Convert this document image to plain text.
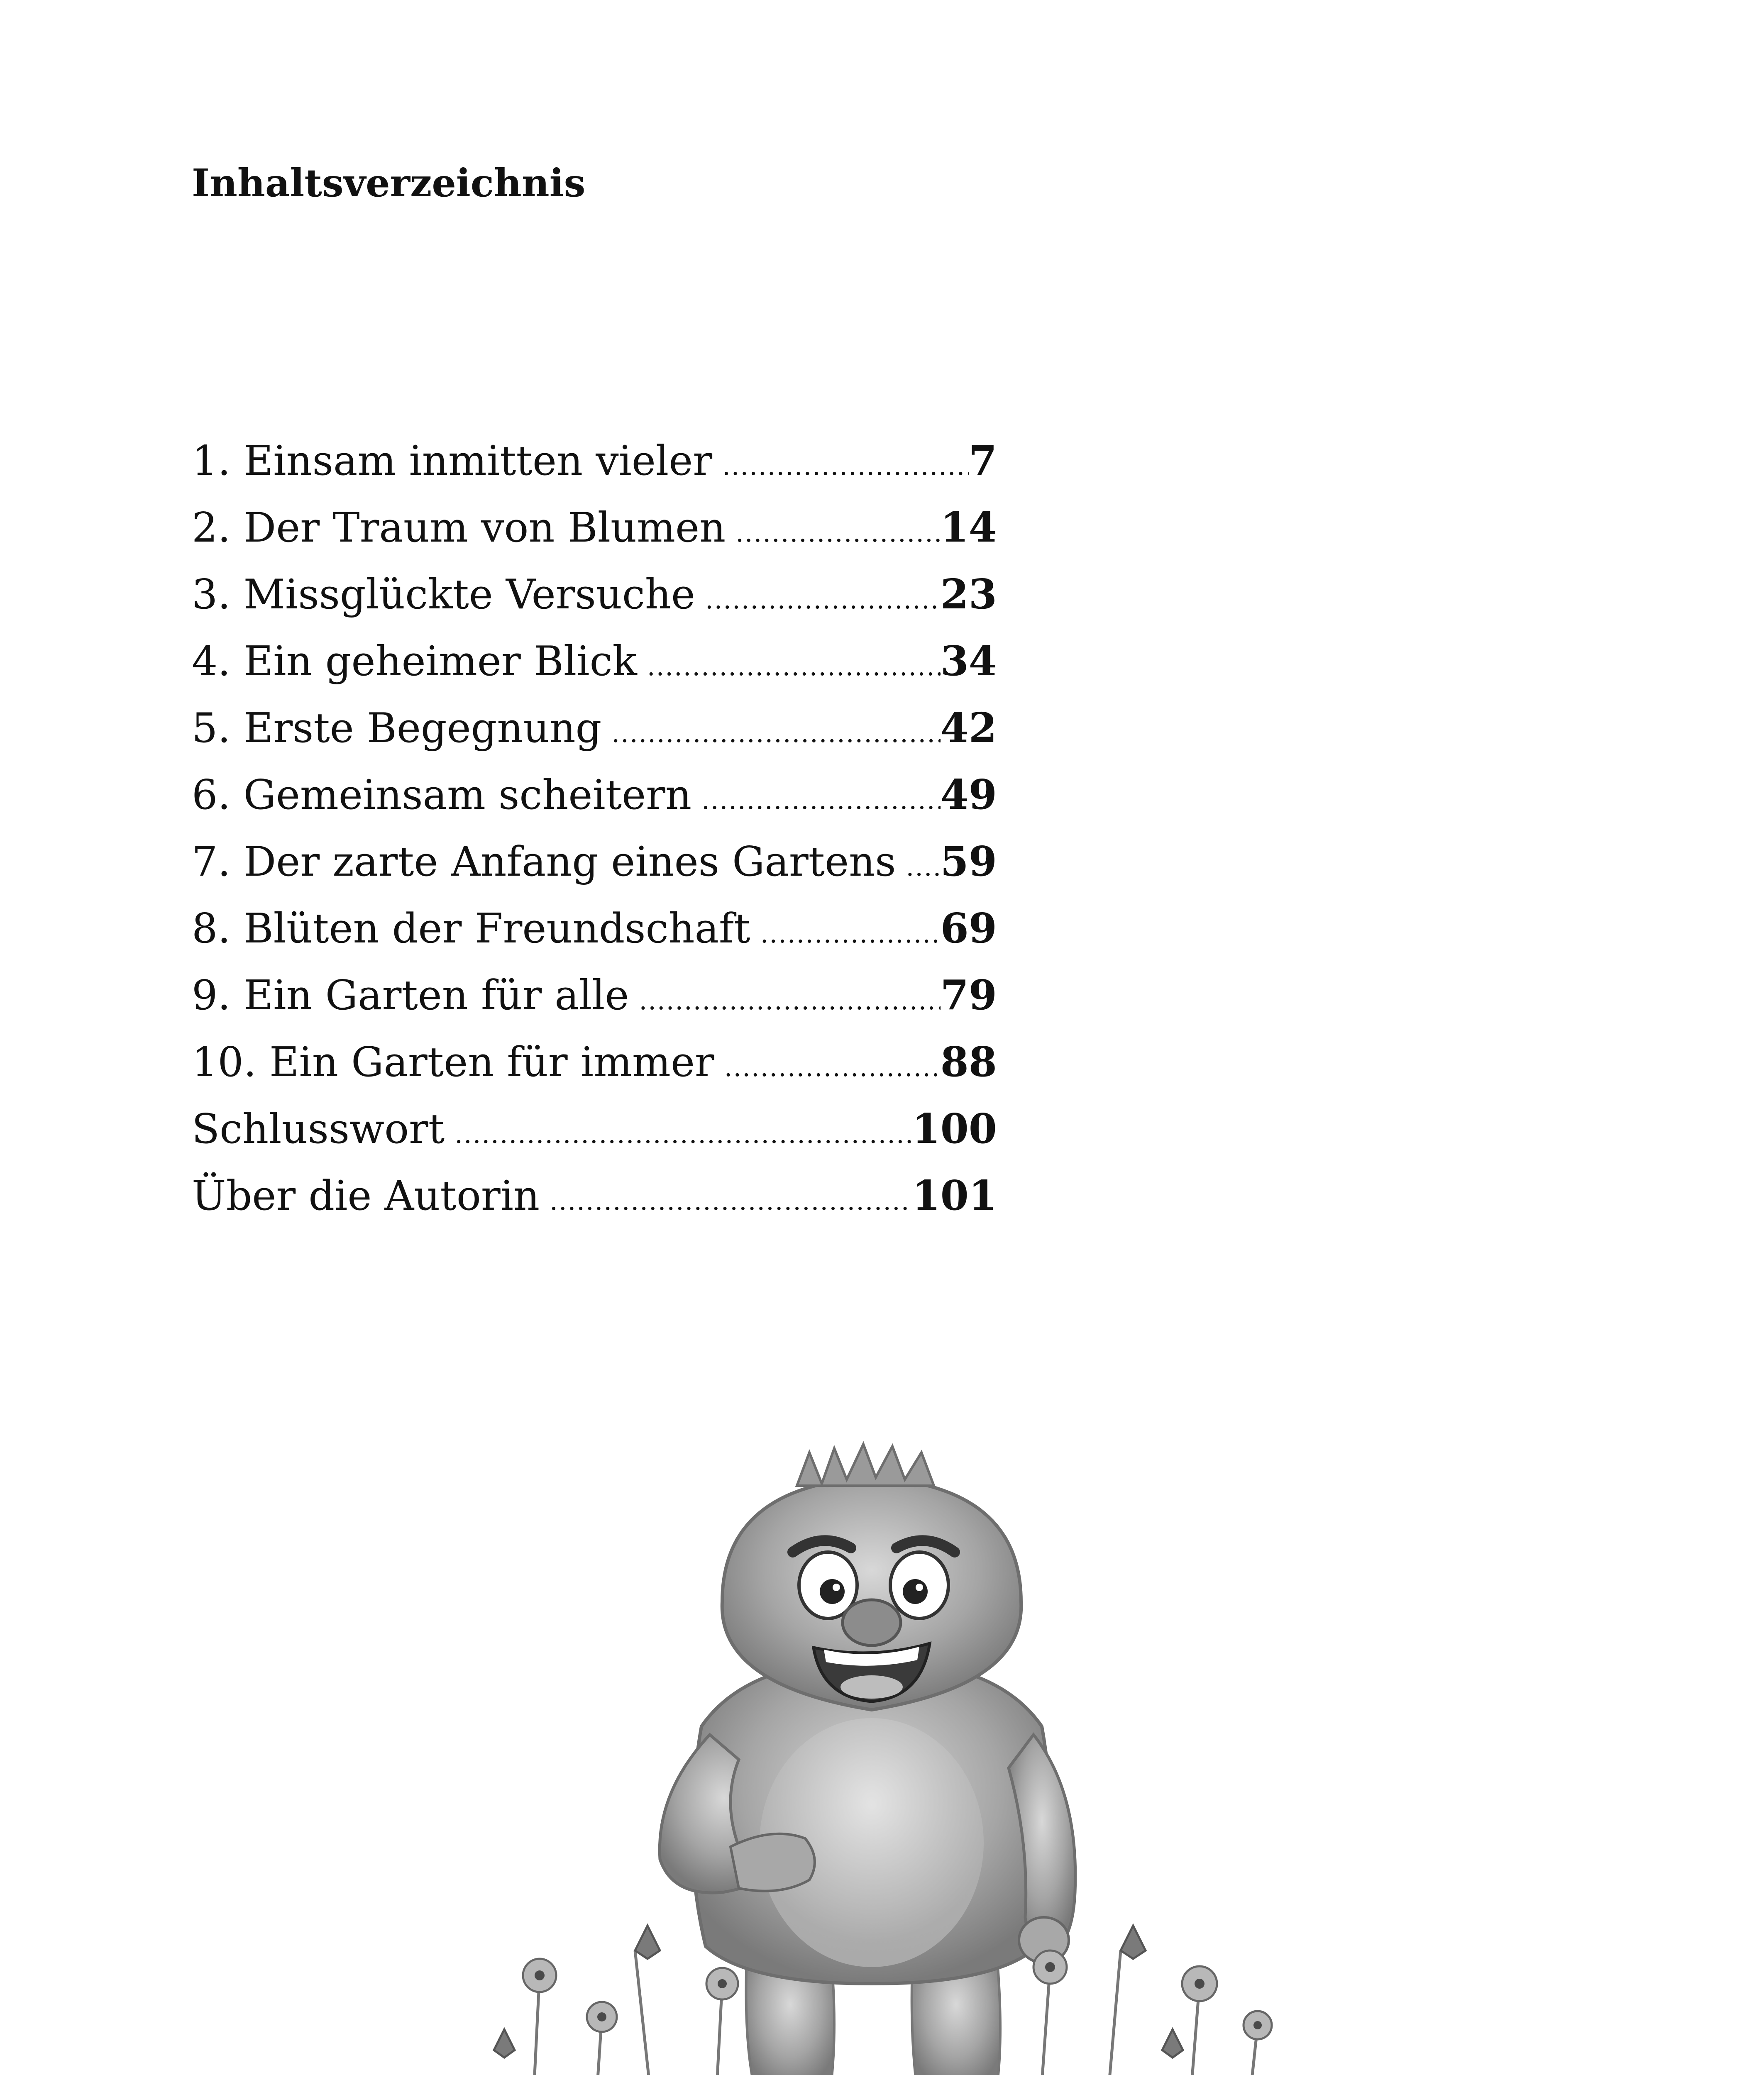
Inhaltsverzeichnis
1. Einsam inmitten vieler .....	7
2. Der Traum von Blumen .....	14
3. Missglückte Versuche .....	23
4. Ein geheimer Blick .....	34
5. Erste Begegnung .....	42
6. Gemeinsam scheitern .....	49
7. Der zarte Anfang eines Gartens ..... 59
8. Blüten der Freundschaft .....	69
9. Ein Garten für alle .....	79
10. Ein Garten für immer .....	88
Schlusswort .....	100
Über die Autorin .....	101
